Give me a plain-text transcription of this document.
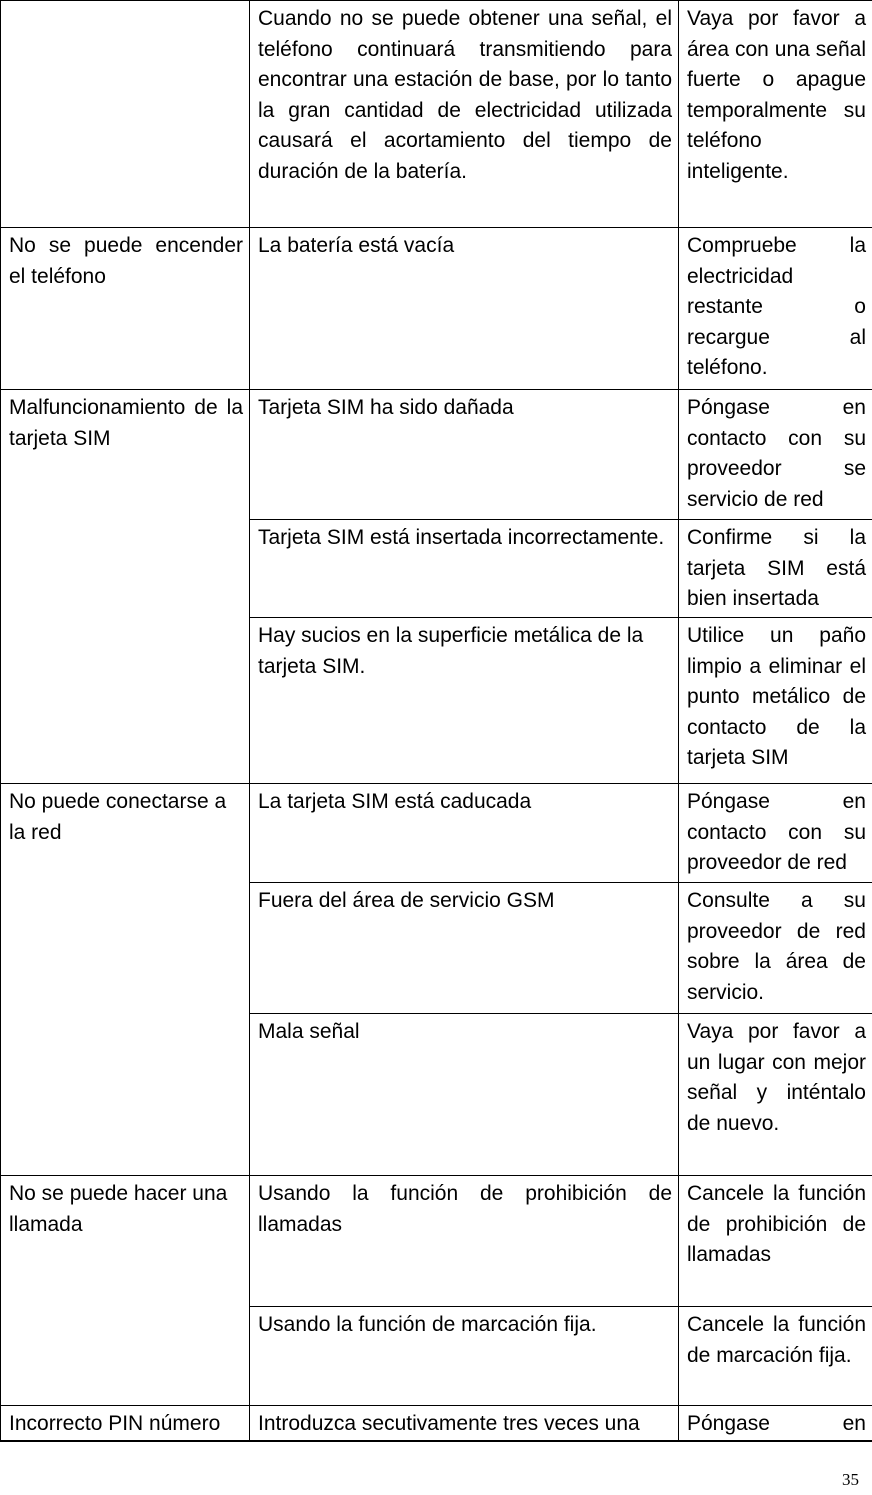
	Cuando no se puede obtener una señal, el teléfono continuará transmitiendo para encontrar una estación de base, por lo tanto la gran cantidad de electricidad utilizada causará el acortamiento del tiempo de duración de la batería.	Vaya por favor a área con una señal fuerte o apague temporalmente su teléfono inteligente.
No se puede encender el teléfono	La batería está vacía	Compruebe la electricidad restante o recargue al teléfono.
Malfuncionamiento de la tarjeta SIM	Tarjeta SIM ha sido dañada	Póngase en contacto con su proveedor se servicio de red
	Tarjeta SIM está insertada incorrectamente.	Confirme si la tarjeta SIM está bien insertada
	Hay sucios en la superficie metálica de la tarjeta SIM.	Utilice un paño limpio a eliminar el punto metálico de contacto de la tarjeta SIM
No puede conectarse a la red	La tarjeta SIM está caducada	Póngase en contacto con su proveedor de red
	Fuera del área de servicio GSM	Consulte a su proveedor de red sobre la área de servicio.
	Mala señal	Vaya por favor a un lugar con mejor señal y inténtalo de nuevo.
No se puede hacer una llamada	Usando la función de prohibición de llamadas	Cancele la función de prohibición de llamadas
	Usando la función de marcación fija.	Cancele la función de marcación fija.
Incorrecto PIN número	Introduzca secutivamente tres veces una	Póngase en
35
